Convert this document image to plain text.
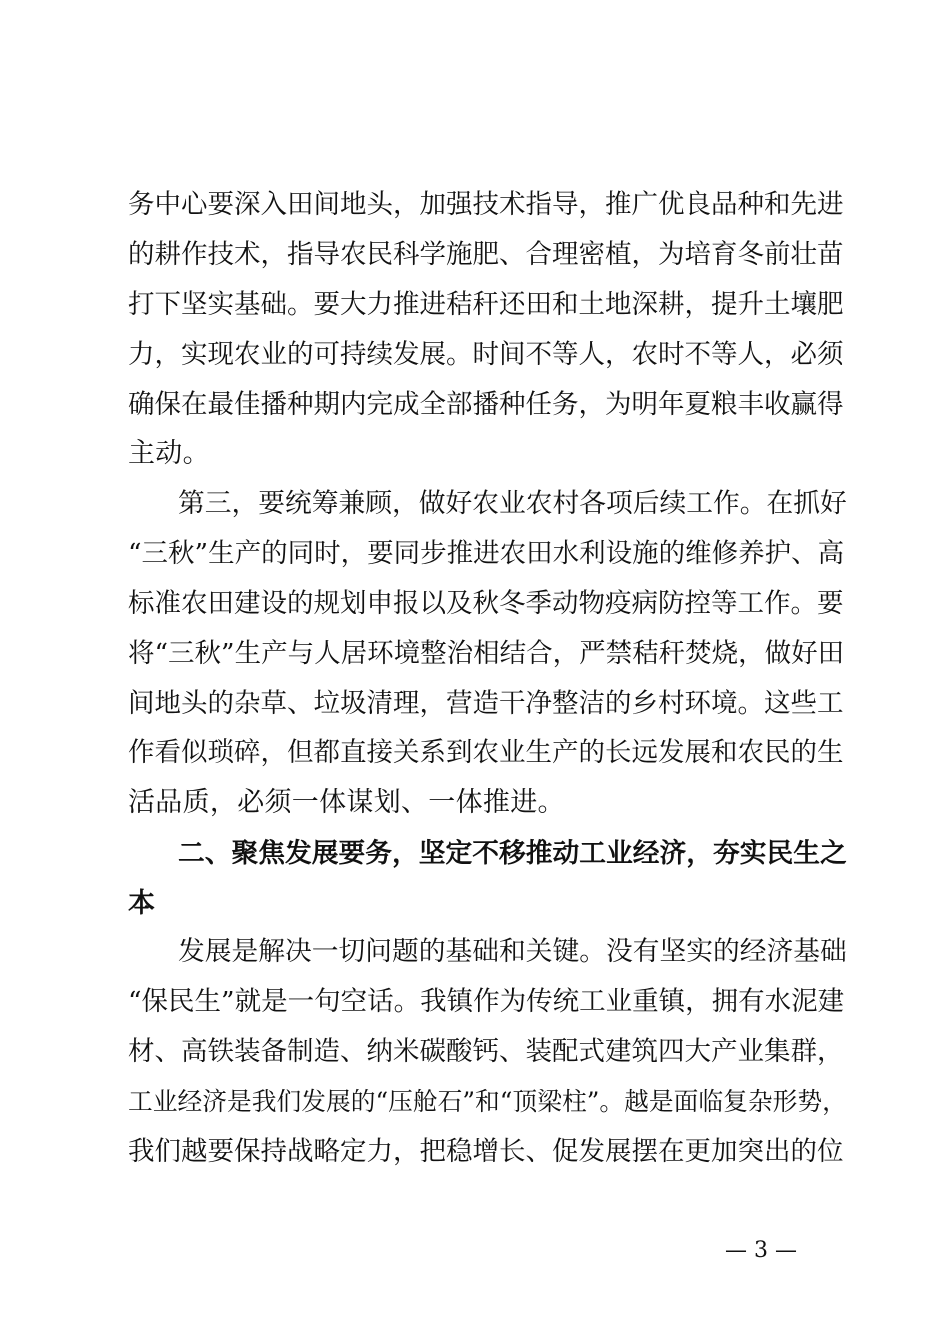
务中心要深入田间地头，加强技术指导，推广优良品种和先进
的耕作技术，指导农民科学施肥、合理密植，为培育冬前壮苗
打下坚实基础。要大力推进秸秆还田和土地深耕，提升土壤肥
力，实现农业的可持续发展。时间不等人，农时不等人，必须
确保在最佳播种期内完成全部播种任务，为明年夏粮丰收赢得
主动。
第三，要统筹兼顾，做好农业农村各项后续工作。在抓好
“三秋”生产的同时，要同步推进农田水利设施的维修养护、高
标准农田建设的规划申报以及秋冬季动物疫病防控等工作。要
将“三秋”生产与人居环境整治相结合，严禁秸秆焚烧，做好田
间地头的杂草、垃圾清理，营造干净整洁的乡村环境。这些工
作看似琐碎，但都直接关系到农业生产的长远发展和农民的生
活品质，必须一体谋划、一体推进。
二、聚焦发展要务，坚定不移推动工业经济，夯实民生之
本
发展是解决一切问题的基础和关键。没有坚实的经济基础
“保民生”就是一句空话。我镇作为传统工业重镇，拥有水泥建
材、高铁装备制造、纳米碳酸钙、装配式建筑四大产业集群，
工业经济是我们发展的“压舱石”和“顶梁柱”。越是面临复杂形势，
我们越要保持战略定力，把稳增长、促发展摆在更加突出的位
— 3 —
